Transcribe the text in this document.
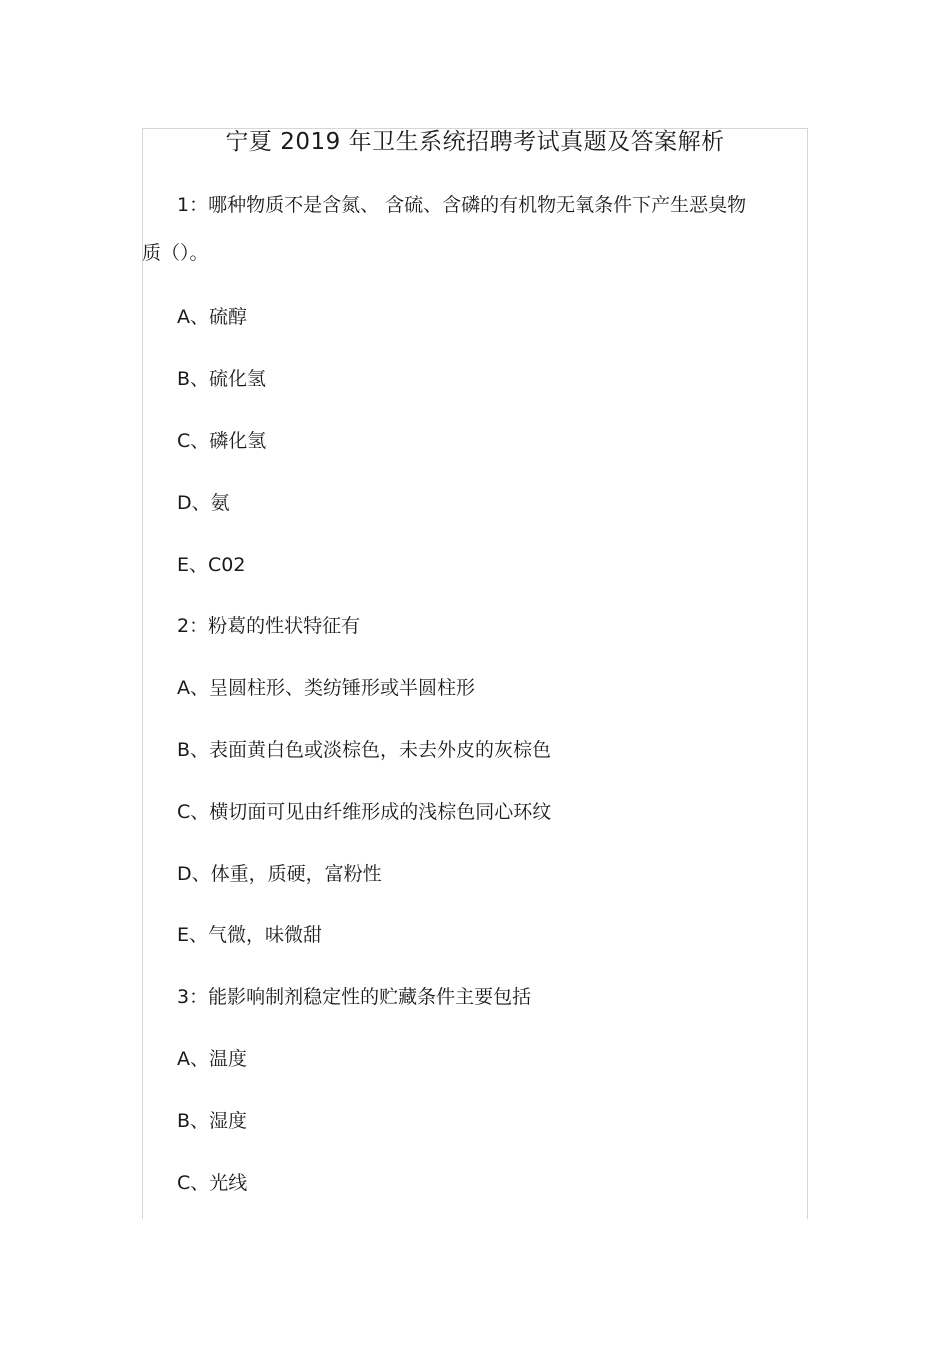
宁夏 2019 年卫生系统招聘考试真题及答案解析
1：哪种物质不是含氮、 含硫、含磷的有机物无氧条件下产生恶臭物
质（）。
A、硫醇
B、硫化氢
C、磷化氢
D、氨
E、C02
2：粉葛的性状特征有
A、呈圆柱形、类纺锤形或半圆柱形
B、表面黄白色或淡棕色，未去外皮的灰棕色
C、横切面可见由纤维形成的浅棕色同心环纹
D、体重，质硬，富粉性
E、气微，味微甜
3：能影响制剂稳定性的贮藏条件主要包括
A、温度
B、湿度
C、光线
